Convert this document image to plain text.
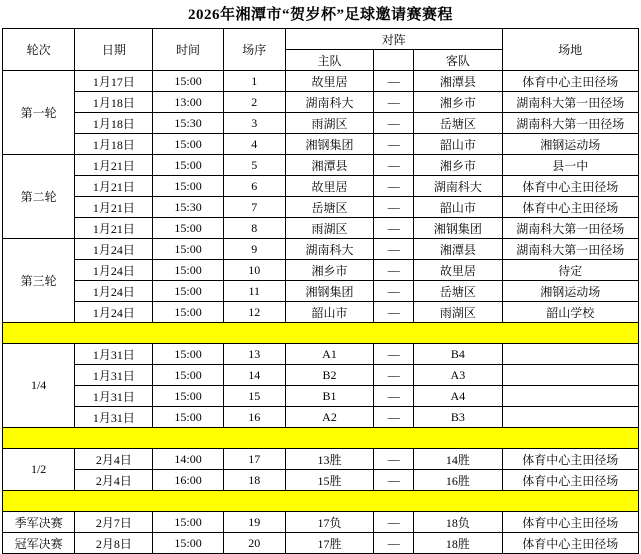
2026年湘潭市“贺岁杯”足球邀请赛赛程
轮次	日期	时间	场序	对阵			场地
				主队		客队	
第一轮	1月17日	15:00	1	故里居	—	湘潭县	体育中心主田径场
	1月18日	13:00	2	湖南科大	—	湘乡市	湖南科大第一田径场
	1月18日	15:30	3	雨湖区	—	岳塘区	湖南科大第一田径场
	1月18日	15:00	4	湘钢集团	—	韶山市	湘钢运动场
第二轮	1月21日	15:00	5	湘潭县	—	湘乡市	县一中
	1月21日	15:00	6	故里居	—	湖南科大	体育中心主田径场
	1月21日	15:30	7	岳塘区	—	韶山市	体育中心主田径场
	1月21日	15:00	8	雨湖区	—	湘钢集团	湖南科大第一田径场
第三轮	1月24日	15:00	9	湖南科大	—	湘潭县	湖南科大第一田径场
	1月24日	15:00	10	湘乡市	—	故里居	待定
	1月24日	15:00	11	湘钢集团	—	岳塘区	湘钢运动场
	1月24日	15:00	12	韶山市	—	雨湖区	韶山学校

1/4	1月31日	15:00	13	A1	—	B4	
	1月31日	15:00	14	B2	—	A3	
	1月31日	15:00	15	B1	—	A4	
	1月31日	15:00	16	A2	—	B3	

1/2	2月4日	14:00	17	13胜	—	14胜	体育中心主田径场
	2月4日	16:00	18	15胜	—	16胜	体育中心主田径场

季军决赛	2月7日	15:00	19	17负	—	18负	体育中心主田径场
冠军决赛	2月8日	15:00	20	17胜	—	18胜	体育中心主田径场
